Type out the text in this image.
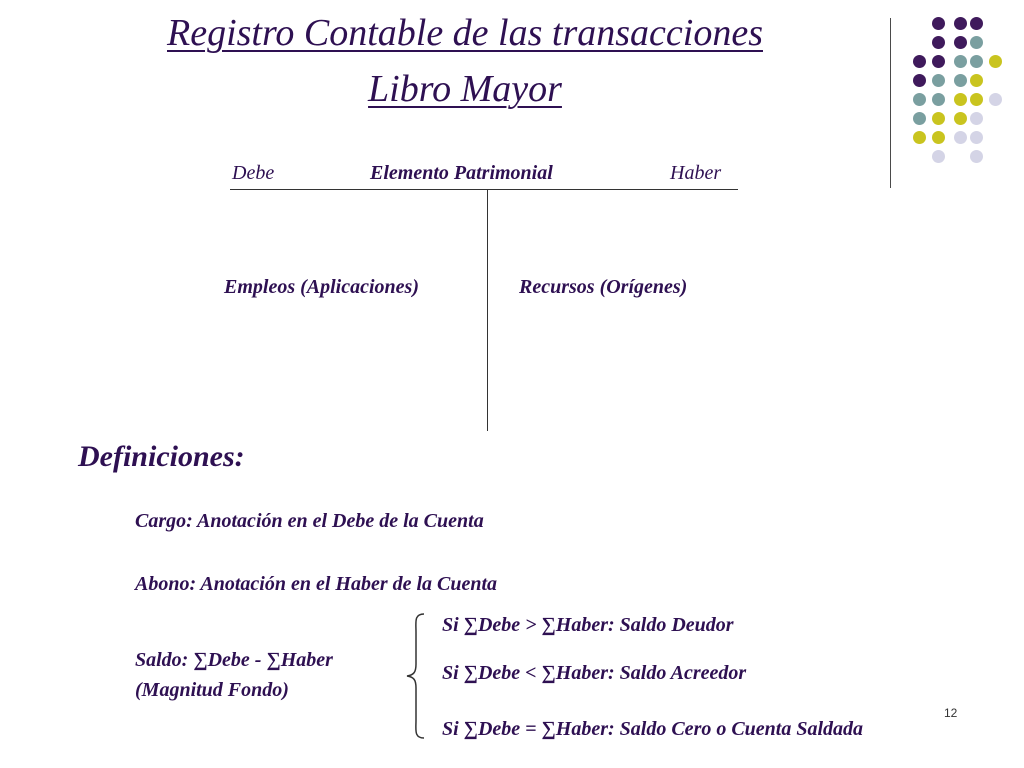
Registro Contable de las transacciones
Libro Mayor
Debe	Elemento Patrimonial	Haber
Empleos (Aplicaciones)	Recursos (Orígenes)
Definiciones:
Cargo: Anotación en el Debe de la Cuenta
Abono: Anotación en el Haber de la Cuenta
Saldo: ∑Debe - ∑Haber
(Magnitud Fondo)
Si ∑Debe > ∑Haber: Saldo Deudor
Si ∑Debe < ∑Haber: Saldo Acreedor
Si ∑Debe = ∑Haber: Saldo Cero o Cuenta Saldada
12
